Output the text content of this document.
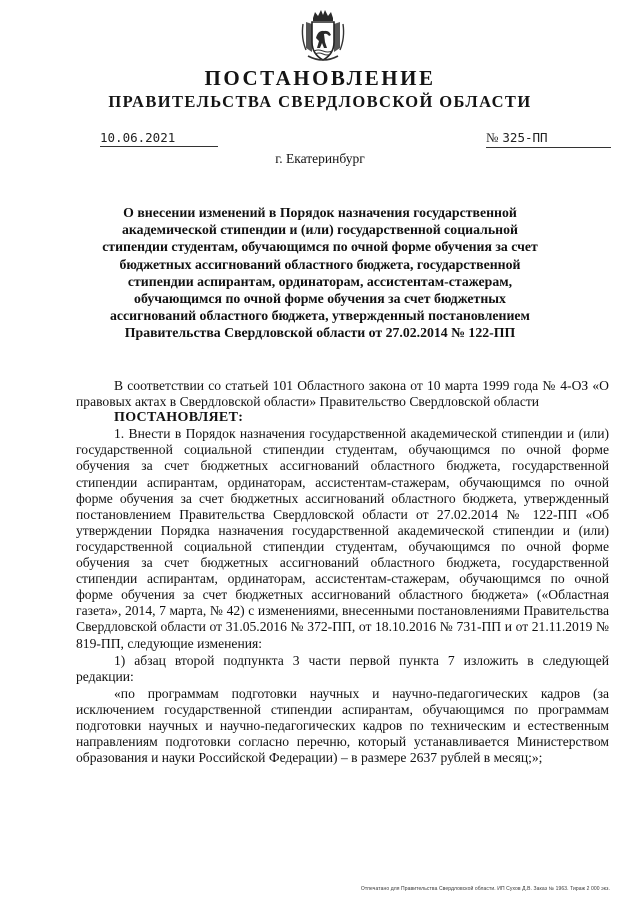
ПОСТАНОВЛЕНИЕ
ПРАВИТЕЛЬСТВА СВЕРДЛОВСКОЙ ОБЛАСТИ
10.06.2021	№ 325-ПП
г. Екатеринбург
О внесении изменений в Порядок назначения государственной академической стипендии и (или) государственной социальной стипендии студентам, обучающимся по очной форме обучения за счет бюджетных ассигнований областного бюджета, государственной стипендии аспирантам, ординаторам, ассистентам-стажерам, обучающимся по очной форме обучения за счет бюджетных ассигнований областного бюджета, утвержденный постановлением Правительства Свердловской области от 27.02.2014 № 122-ПП

В соответствии со статьей 101 Областного закона от 10 марта 1999 года № 4-ОЗ «О правовых актах в Свердловской области» Правительство Свердловской области

ПОСТАНОВЛЯЕТ:

1. Внести в Порядок назначения государственной академической стипендии и (или) государственной социальной стипендии студентам, обучающимся по очной форме обучения за счет бюджетных ассигнований областного бюджета, государственной стипендии аспирантам, ординаторам, ассистентам-стажерам, обучающимся по очной форме обучения за счет бюджетных ассигнований областного бюджета, утвержденный постановлением Правительства Свердловской области от 27.02.2014 № 122-ПП «Об утверждении Порядка назначения государственной академической стипендии и (или) государственной социальной стипендии студентам, обучающимся по очной форме обучения за счет бюджетных ассигнований областного бюджета, государственной стипендии аспирантам, ординаторам, ассистентам-стажерам, обучающимся по очной форме обучения за счет бюджетных ассигнований областного бюджета» («Областная газета», 2014, 7 марта, № 42) с изменениями, внесенными постановлениями Правительства Свердловской области от 31.05.2016 № 372-ПП, от 18.10.2016 № 731-ПП и от 21.11.2019 № 819-ПП, следующие изменения:

1) абзац второй подпункта 3 части первой пункта 7 изложить в следующей редакции:

«по программам подготовки научных и научно-педагогических кадров (за исключением государственной стипендии аспирантам, обучающимся по программам подготовки научных и научно-педагогических кадров по техническим и естественным направлениям подготовки согласно перечню, который устанавливается Министерством образования и науки Российской Федерации) – в размере 2637 рублей в месяц;»;

Отпечатано для Правительства Свердловской области. ИП Сухов Д.В. Заказ № 1963. Тираж 2 000 экз.
